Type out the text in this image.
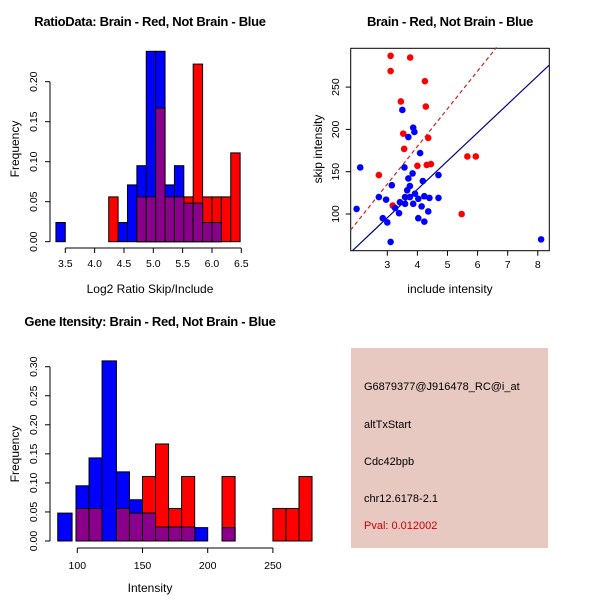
3.5 4.0 4.5 5.0 5.5 6.0 6.5
0.00
0.05
0.10
0.15
0.20
3 4 5 6 7 8
100
150
200
250
100	150	200	250
0.00
0.05
0.10
0.15
0.20
0.25
0.30
RatioData: Brain - Red, Not Brain - Blue	Brain - Red, Not Brain - Blue
Gene Itensity: Brain - Red, Not Brain - Blue
Log2 Ratio Skip/Include	include intensity
Intensity
Frequency	skip intensity
Frequency
G6879377@J916478_RC@i_at
altTxStart
Cdc42bpb
chr12.6178-2.1
Pval: 0.012002
